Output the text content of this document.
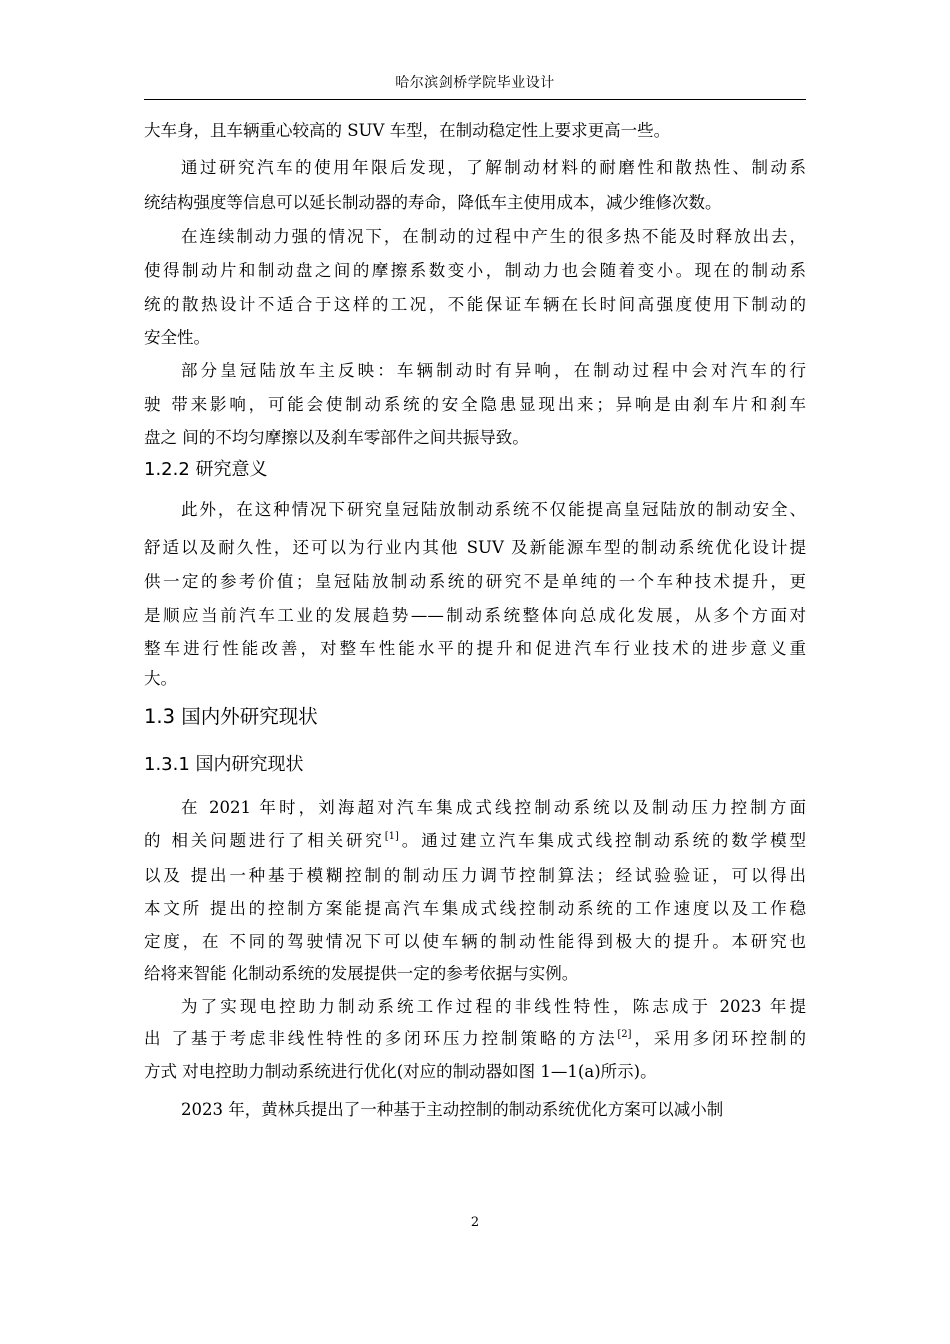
哈尔滨剑桥学院毕业设计
大车身，且车辆重心较高的 SUV 车型，在制动稳定性上要求更高一些。
通过研究汽车的使用年限后发现，了解制动材料的耐磨性和散热性、制动系
统结构强度等信息可以延长制动器的寿命，降低车主使用成本，减少维修次数。
在连续制动力强的情况下，在制动的过程中产生的很多热不能及时释放出去，
使得制动片和制动盘之间的摩擦系数变小，制动力也会随着变小。现在的制动系
统的散热设计不适合于这样的工况，不能保证车辆在长时间高强度使用下制动的
安全性。
部分皇冠陆放车主反映：车辆制动时有异响，在制动过程中会对汽车的行
驶 带来影响，可能会使制动系统的安全隐患显现出来；异响是由刹车片和刹车
盘之 间的不均匀摩擦以及刹车零部件之间共振导致。
1.2.2 研究意义
此外，在这种情况下研究皇冠陆放制动系统不仅能提高皇冠陆放的制动安全、
舒适以及耐久性，还可以为行业内其他 SUV 及新能源车型的制动系统优化设计提
供一定的参考价值；皇冠陆放制动系统的研究不是单纯的一个车种技术提升，更
是顺应当前汽车工业的发展趋势——制动系统整体向总成化发展，从多个方面对
整车进行性能改善，对整车性能水平的提升和促进汽车行业技术的进步意义重
大。
1.3 国内外研究现状
1.3.1 国内研究现状
在 2021 年时，刘海超对汽车集成式线控制动系统以及制动压力控制方面
的 相关问题进行了相关研究[1]。通过建立汽车集成式线控制动系统的数学模型
以及 提出一种基于模糊控制的制动压力调节控制算法；经试验验证，可以得出
本文所 提出的控制方案能提高汽车集成式线控制动系统的工作速度以及工作稳
定度，在 不同的驾驶情况下可以使车辆的制动性能得到极大的提升。本研究也
给将来智能 化制动系统的发展提供一定的参考依据与实例。
为了实现电控助力制动系统工作过程的非线性特性，陈志成于 2023 年提
出 了基于考虑非线性特性的多闭环压力控制策略的方法[2]，采用多闭环控制的
方式 对电控助力制动系统进行优化(对应的制动器如图 1—1(a)所示)。
2023 年，黄林兵提出了一种基于主动控制的制动系统优化方案可以减小制
2
